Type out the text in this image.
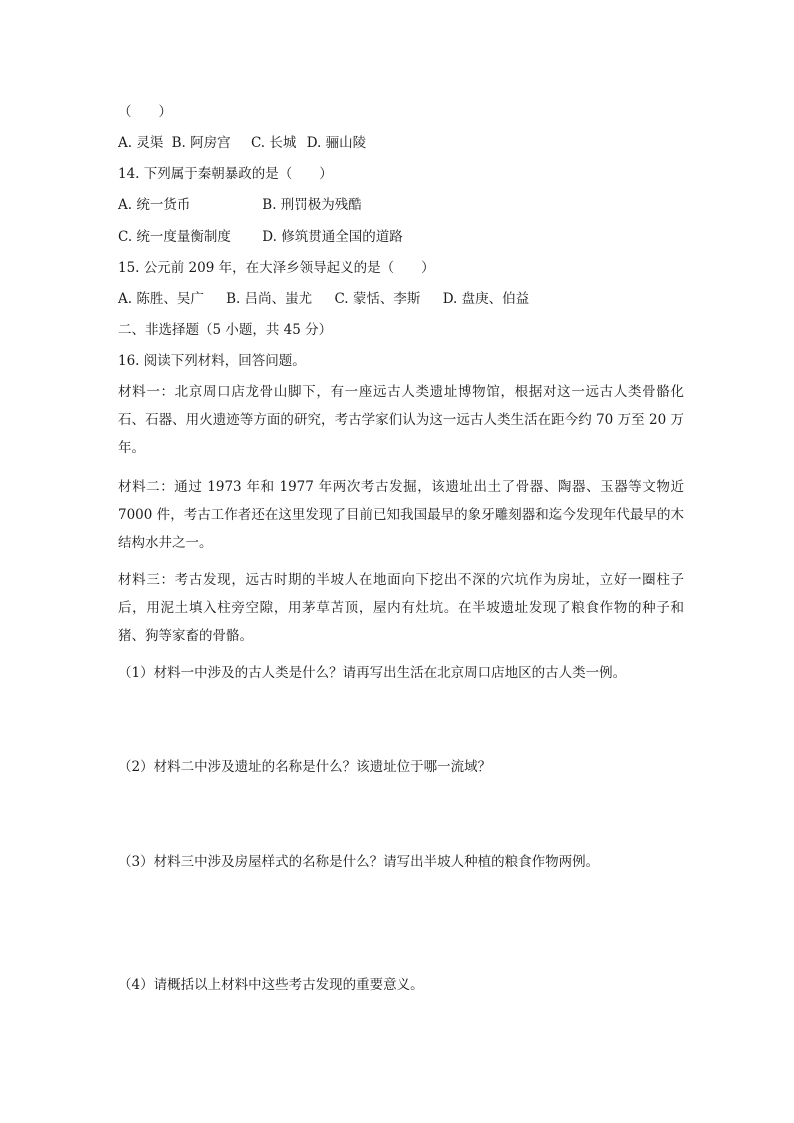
（　　）
A. 灵渠 B. 阿房宫 C. 长城 D. 骊山陵
14. 下列属于秦朝暴政的是（　　）
A. 统一货币	B. 刑罚极为残酷
C. 统一度量衡制度 D. 修筑贯通全国的道路
15. 公元前 209 年，在大泽乡领导起义的是（　　）
A. 陈胜、吴广 B. 吕尚、蚩尤 C. 蒙恬、李斯 D. 盘庚、伯益
二、非选择题（5 小题，共 45 分）
16. 阅读下列材料，回答问题。
材料一：北京周口店龙骨山脚下，有一座远古人类遗址博物馆，根据对这一远古人类骨骼化石、石器、用火遗迹等方面的研究，考古学家们认为这一远古人类生活在距今约 70 万至 20 万年。
材料二：通过 1973 年和 1977 年两次考古发掘，该遗址出土了骨器、陶器、玉器等文物近 7000 件，考古工作者还在这里发现了目前已知我国最早的象牙雕刻器和迄今发现年代最早的木结构水井之一。
材料三：考古发现，远古时期的半坡人在地面向下挖出不深的穴坑作为房址，立好一圈柱子后，用泥土填入柱旁空隙，用茅草苫顶，屋内有灶坑。在半坡遗址发现了粮食作物的种子和猪、狗等家畜的骨骼。
（1）材料一中涉及的古人类是什么？请再写出生活在北京周口店地区的古人类一例。
（2）材料二中涉及遗址的名称是什么？该遗址位于哪一流域？
（3）材料三中涉及房屋样式的名称是什么？请写出半坡人种植的粮食作物两例。
（4）请概括以上材料中这些考古发现的重要意义。
